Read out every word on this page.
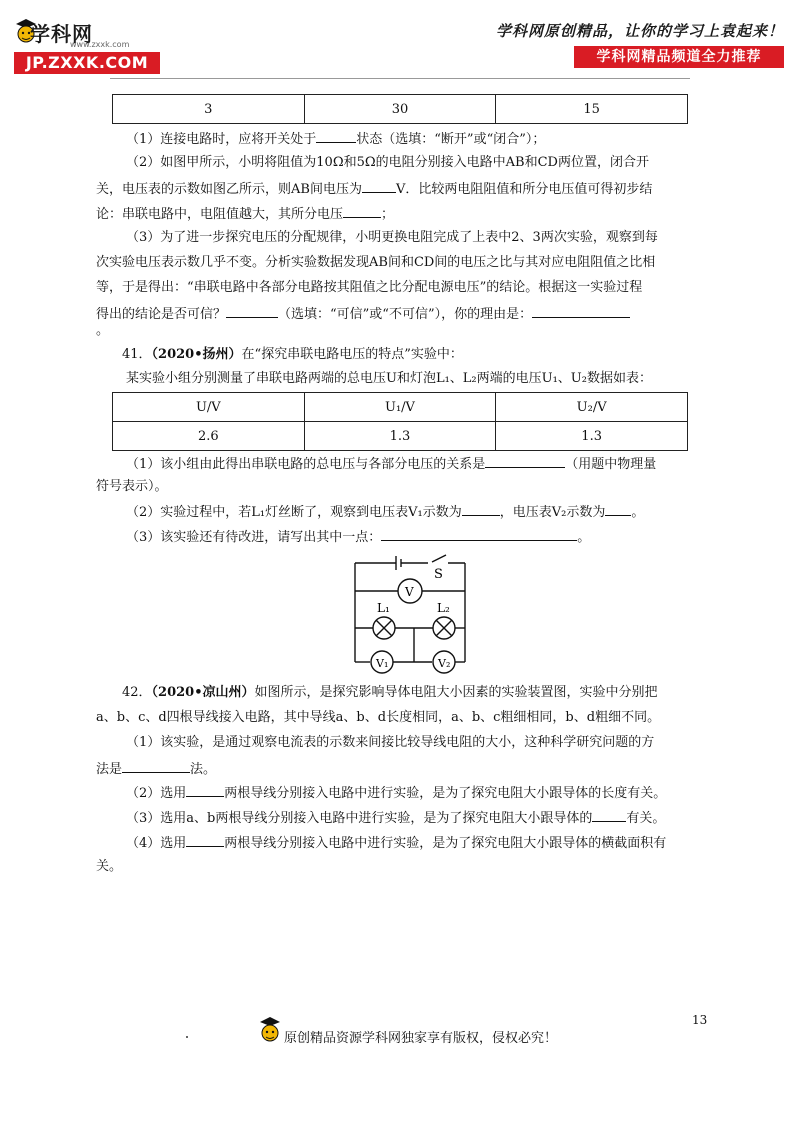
学科网
www.zxxk.com
JP.ZXXK.COM
学科网原创精品，让你的学习上袁起来！
学科网精品频道全力推荐
3	30	15
（1）连接电路时，应将开关处于	状态（选填：“断开”或“闭合”）；
（2）如图甲所示，小明将阻值为10Ω和5Ω的电阻分别接入电路中AB和CD两位置，闭合开
关，电压表的示数如图乙所示，则AB间电压为	V．比较两电阻阻值和所分电压值可得初步结
论：串联电路中，电阻值越大，其所分电压	；
（3）为了进一步探究电压的分配规律，小明更换电阻完成了上表中2、3两次实验，观察到每
次实验电压表示数几乎不变。分析实验数据发现AB间和CD间的电压之比与其对应电阻阻值之比相
等，于是得出：“串联电路中各部分电路按其阻值之比分配电源电压”的结论。根据这一实验过程
得出的结论是否可信？	（选填：“可信”或“不可信”），你的理由是：
。
41．（2020•扬州）在“探究串联电路电压的特点”实验中：
某实验小组分别测量了串联电路两端的总电压U和灯泡L₁、L₂两端的电压U₁、U₂数据如表：
U/V	U₁/V	U₂/V
2.6	1.3	1.3
（1）该小组由此得出串联电路的总电压与各部分电压的关系是	（用题中物理量
符号表示）。
（2）实验过程中，若L₁灯丝断了，观察到电压表V₁示数为	，电压表V₂示数为 。
（3）该实验还有待改进，请写出其中一点：	。
S
V
L₁	L₂
V₁	V₂
42．（2020•凉山州）如图所示，是探究影响导体电阻大小因素的实验装置图，实验中分别把
a、b、c、d四根导线接入电路，其中导线a、b、d长度相同，a、b、c粗细相同，b、d粗细不同。
（1）该实验，是通过观察电流表的示数来间接比较导线电阻的大小，这种科学研究问题的方
法是	法。
（2）选用	两根导线分别接入电路中进行实验，是为了探究电阻大小跟导体的长度有关。
（3）选用a、b两根导线分别接入电路中进行实验，是为了探究电阻大小跟导体的	有关。
（4）选用	两根导线分别接入电路中进行实验，是为了探究电阻大小跟导体的横截面积有
关。
13
原创精品资源学科网独家享有版权，侵权必究！
